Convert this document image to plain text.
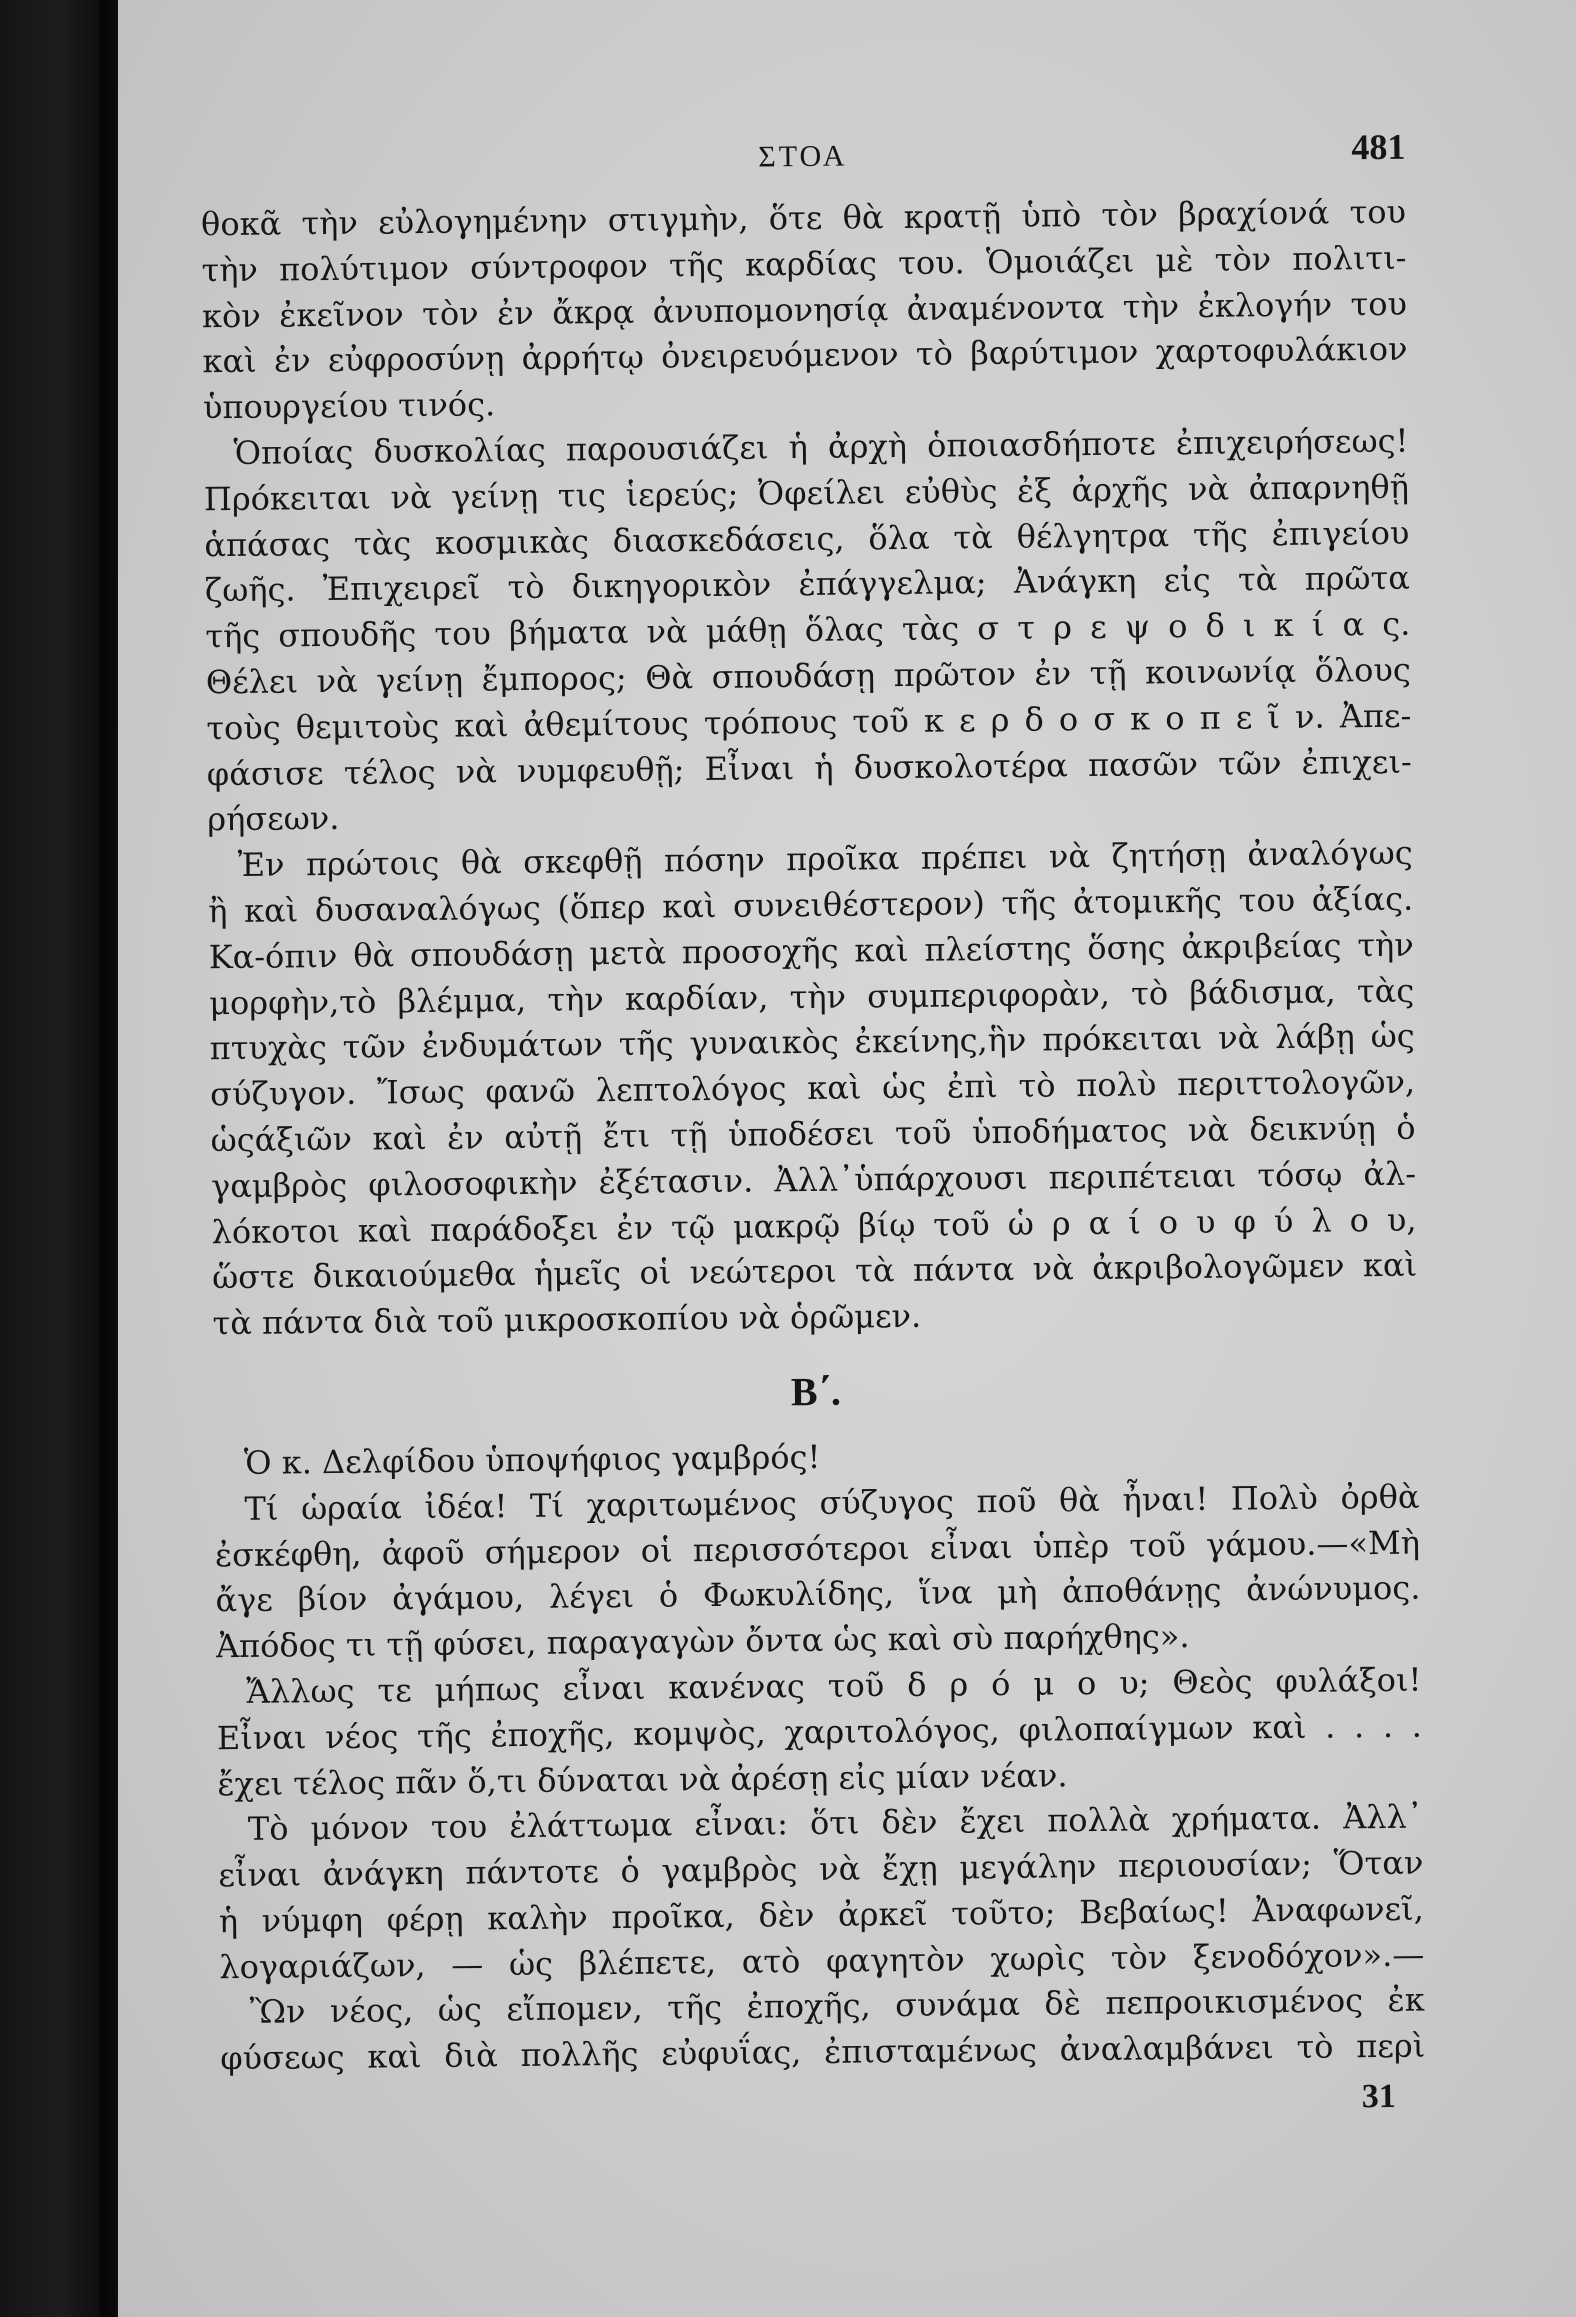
ΣΤΟΑ	481
θοκᾶ τὴν εὐλογημένην στιγμὴν, ὅτε θὰ κρατῇ ὑπὸ τὸν βραχίονά του
τὴν πολύτιμον σύντροφον τῆς καρδίας του. Ὁμοιάζει μὲ τὸν πολιτι-
κὸν ἐκεῖνον τὸν ἐν ἄκρᾳ ἀνυπομονησίᾳ ἀναμένοντα τὴν ἐκλογήν του
καὶ ἐν εὐφροσύνῃ ἀρρήτῳ ὀνειρευόμενον τὸ βαρύτιμον χαρτοφυλάκιον
ὑπουργείου τινός.
Ὁποίας δυσκολίας παρουσιάζει ἡ ἀρχὴ ὁποιασδήποτε ἐπιχειρήσεως!
Πρόκειται νὰ γείνῃ τις ἱερεύς; Ὀφείλει εὐθὺς ἐξ ἀρχῆς νὰ ἀπαρνηθῇ
ἁπάσας τὰς κοσμικὰς διασκεδάσεις, ὅλα τὰ θέλγητρα τῆς ἐπιγείου
ζωῆς. Ἐπιχειρεῖ τὸ δικηγορικὸν ἐπάγγελμα; Ἀνάγκη εἰς τὰ πρῶτα
τῆς σπουδῆς του βήματα νὰ μάθῃ ὅλας τὰς σ τ ρ ε ψ ο δ ι κ ί α ς.
Θέλει νὰ γείνῃ ἔμπορος; Θὰ σπουδάσῃ πρῶτον ἐν τῇ κοινωνίᾳ ὅλους
τοὺς θεμιτοὺς καὶ ἀθεμίτους τρόπους τοῦ κ ε ρ δ ο σ κ ο π ε ῖ ν. Ἀπε-
φάσισε τέλος νὰ νυμφευθῇ; Εἶναι ἡ δυσκολοτέρα πασῶν τῶν ἐπιχει-
ρήσεων.
Ἐν πρώτοις θὰ σκεφθῇ πόσην προῖκα πρέπει νὰ ζητήσῃ ἀναλόγως
ἢ καὶ δυσαναλόγως (ὅπερ καὶ συνειθέστερον) τῆς ἀτομικῆς του ἀξίας.
Κα-όπιν θὰ σπουδάσῃ μετὰ προσοχῆς καὶ πλείστης ὅσης ἀκριβείας τὴν
μορφὴν,τὸ βλέμμα, τὴν καρδίαν, τὴν συμπεριφορὰν, τὸ βάδισμα, τὰς
πτυχὰς τῶν ἐνδυμάτων τῆς γυναικὸς ἐκείνης,ἣν πρόκειται νὰ λάβῃ ὡς
σύζυγον. Ἴσως φανῶ λεπτολόγος καὶ ὡς ἐπὶ τὸ πολὺ περιττολογῶν,
ὡςάξιῶν καὶ ἐν αὐτῇ ἔτι τῇ ὑποδέσει τοῦ ὑποδήματος νὰ δεικνύῃ ὁ
γαμβρὸς φιλοσοφικὴν ἐξέτασιν. Ἀλλ᾽ὑπάρχουσι περιπέτειαι τόσῳ ἀλ-
λόκοτοι καὶ παράδοξει ἐν τῷ μακρῷ βίῳ τοῦ ὡ ρ α ί ο υ φ ύ λ ο υ,
ὥστε δικαιούμεθα ἡμεῖς οἱ νεώτεροι τὰ πάντα νὰ ἀκριβολογῶμεν καὶ
τὰ πάντα διὰ τοῦ μικροσκοπίου νὰ ὁρῶμεν.
Β΄.
Ὁ κ. Δελφίδου ὑποψήφιος γαμβρός!
Τί ὡραία ἰδέα! Τί χαριτωμένος σύζυγος ποῦ θὰ ἦναι! Πολὺ ὀρθὰ
ἐσκέφθη, ἀφοῦ σήμερον οἱ περισσότεροι εἶναι ὑπὲρ τοῦ γάμου.—«Μὴ
ἄγε βίον ἀγάμου, λέγει ὁ Φωκυλίδης, ἵνα μὴ ἀποθάνῃς ἀνώνυμος.
Ἀπόδος τι τῇ φύσει, παραγαγὼν ὄντα ὡς καὶ σὺ παρήχθης».
Ἄλλως τε μήπως εἶναι κανένας τοῦ δ ρ ό μ ο υ; Θεὸς φυλάξοι!
Εἶναι νέος τῆς ἐποχῆς, κομψὸς, χαριτολόγος, φιλοπαίγμων καὶ . . . .
ἔχει τέλος πᾶν ὅ,τι δύναται νὰ ἀρέσῃ εἰς μίαν νέαν.
Τὸ μόνον του ἐλάττωμα εἶναι: ὅτι δὲν ἔχει πολλὰ χρήματα. Ἀλλ᾽
εἶναι ἀνάγκη πάντοτε ὁ γαμβρὸς νὰ ἔχῃ μεγάλην περιουσίαν; Ὅταν
ἡ νύμφη φέρῃ καλὴν προῖκα, δὲν ἀρκεῖ τοῦτο; Βεβαίως! Ἀναφωνεῖ,
λογαριάζων, — ὡς βλέπετε, ατὸ φαγητὸν χωρὶς τὸν ξενοδόχον».—
Ὢν νέος, ὡς εἴπομεν, τῆς ἐποχῆς, συνάμα δὲ πεπροικισμένος ἐκ
φύσεως καὶ διὰ πολλῆς εὐφυΐας, ἐπισταμένως ἀναλαμβάνει τὸ περὶ
31
